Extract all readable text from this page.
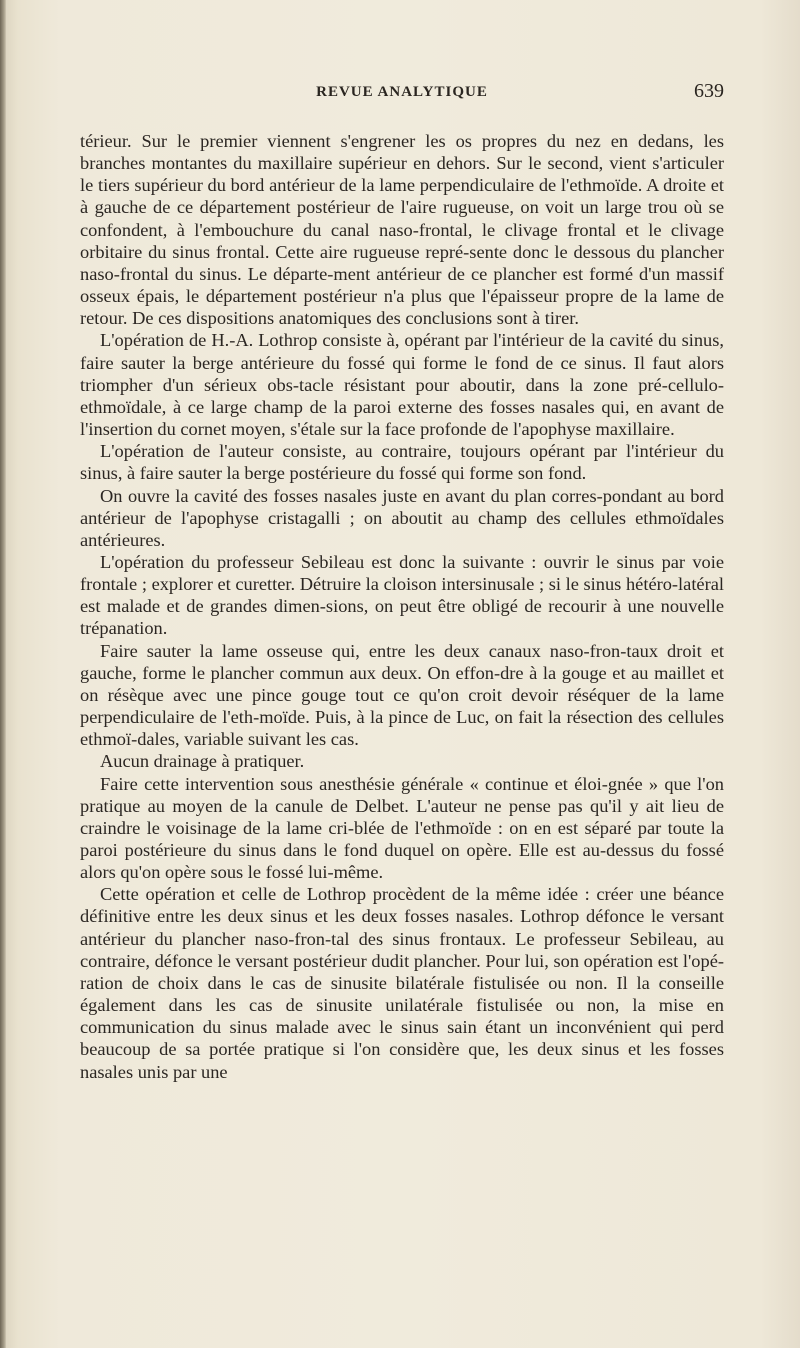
REVUE ANALYTIQUE	639

térieur. Sur le premier viennent s'engrener les os propres du nez en dedans, les branches montantes du maxillaire supérieur en dehors. Sur le second, vient s'articuler le tiers supérieur du bord antérieur de la lame perpendiculaire de l'ethmoïde. A droite et à gauche de ce département postérieur de l'aire rugueuse, on voit un large trou où se confondent, à l'embouchure du canal naso-frontal, le clivage frontal et le clivage orbitaire du sinus frontal. Cette aire rugueuse repré-sente donc le dessous du plancher naso-frontal du sinus. Le départe-ment antérieur de ce plancher est formé d'un massif osseux épais, le département postérieur n'a plus que l'épaisseur propre de la lame de retour. De ces dispositions anatomiques des conclusions sont à tirer.

L'opération de H.-A. Lothrop consiste à, opérant par l'intérieur de la cavité du sinus, faire sauter la berge antérieure du fossé qui forme le fond de ce sinus. Il faut alors triompher d'un sérieux obs-tacle résistant pour aboutir, dans la zone pré-cellulo-ethmoïdale, à ce large champ de la paroi externe des fosses nasales qui, en avant de l'insertion du cornet moyen, s'étale sur la face profonde de l'apophyse maxillaire.

L'opération de l'auteur consiste, au contraire, toujours opérant par l'intérieur du sinus, à faire sauter la berge postérieure du fossé qui forme son fond.

On ouvre la cavité des fosses nasales juste en avant du plan corres-pondant au bord antérieur de l'apophyse cristagalli ; on aboutit au champ des cellules ethmoïdales antérieures.

L'opération du professeur Sebileau est donc la suivante : ouvrir le sinus par voie frontale ; explorer et curetter. Détruire la cloison intersinusale ; si le sinus hétéro-latéral est malade et de grandes dimen-sions, on peut être obligé de recourir à une nouvelle trépanation.

Faire sauter la lame osseuse qui, entre les deux canaux naso-fron-taux droit et gauche, forme le plancher commun aux deux. On effon-dre à la gouge et au maillet et on résèque avec une pince gouge tout ce qu'on croit devoir réséquer de la lame perpendiculaire de l'eth-moïde. Puis, à la pince de Luc, on fait la résection des cellules ethmoï-dales, variable suivant les cas.

Aucun drainage à pratiquer.

Faire cette intervention sous anesthésie générale « continue et éloi-gnée » que l'on pratique au moyen de la canule de Delbet. L'auteur ne pense pas qu'il y ait lieu de craindre le voisinage de la lame cri-blée de l'ethmoïde : on en est séparé par toute la paroi postérieure du sinus dans le fond duquel on opère. Elle est au-dessus du fossé alors qu'on opère sous le fossé lui-même.

Cette opération et celle de Lothrop procèdent de la même idée : créer une béance définitive entre les deux sinus et les deux fosses nasales. Lothrop défonce le versant antérieur du plancher naso-fron-tal des sinus frontaux. Le professeur Sebileau, au contraire, défonce le versant postérieur dudit plancher. Pour lui, son opération est l'opé-ration de choix dans le cas de sinusite bilatérale fistulisée ou non. Il la conseille également dans les cas de sinusite unilatérale fistulisée ou non, la mise en communication du sinus malade avec le sinus sain étant un inconvénient qui perd beaucoup de sa portée pratique si l'on considère que, les deux sinus et les fosses nasales unis par une
